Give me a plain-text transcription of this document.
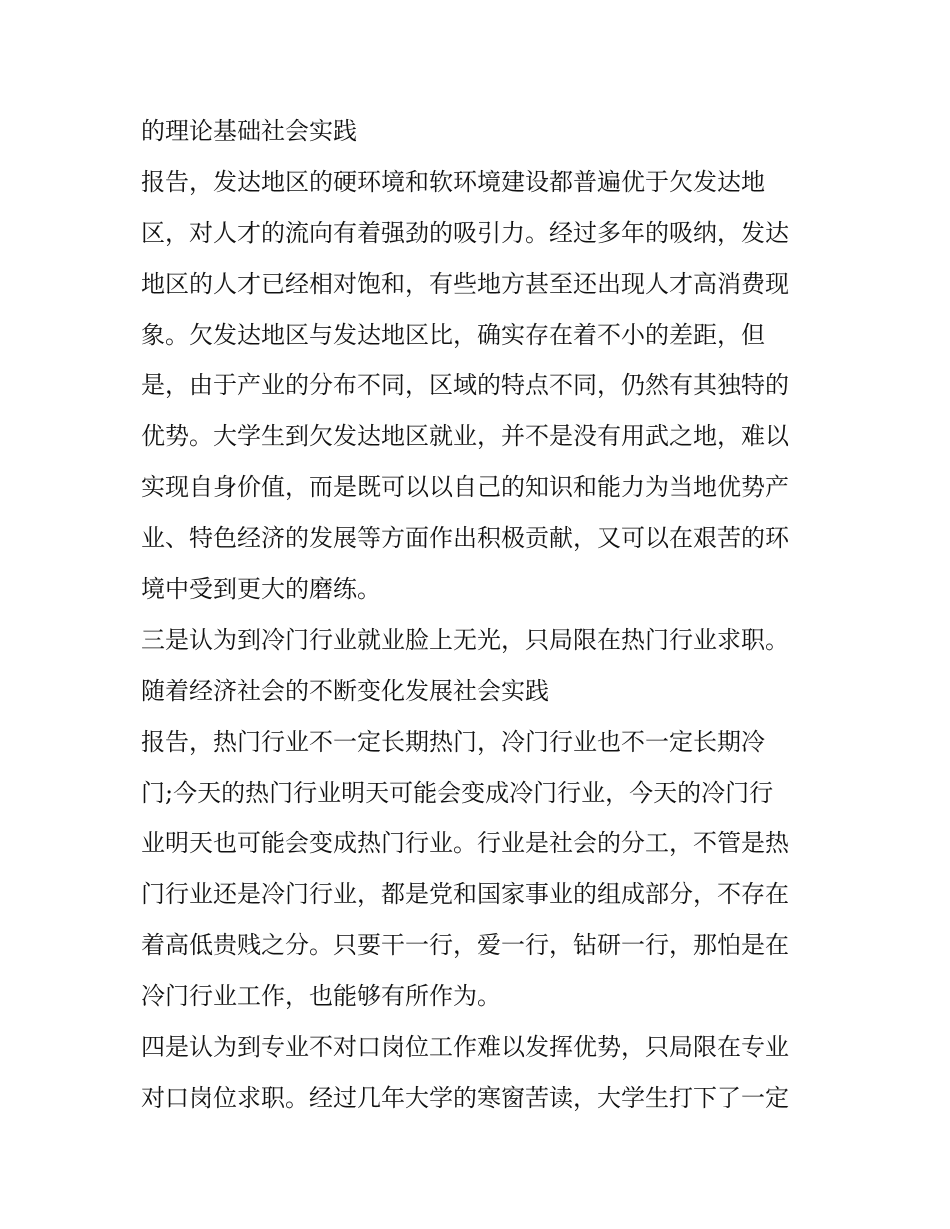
的理论基础社会实践
报告，发达地区的硬环境和软环境建设都普遍优于欠发达地
区，对人才的流向有着强劲的吸引力。经过多年的吸纳，发达
地区的人才已经相对饱和，有些地方甚至还出现人才高消费现
象。欠发达地区与发达地区比，确实存在着不小的差距，但
是，由于产业的分布不同，区域的特点不同，仍然有其独特的
优势。大学生到欠发达地区就业，并不是没有用武之地，难以
实现自身价值，而是既可以以自己的知识和能力为当地优势产
业、特色经济的发展等方面作出积极贡献，又可以在艰苦的环
境中受到更大的磨练。
三是认为到冷门行业就业脸上无光，只局限在热门行业求职。
随着经济社会的不断变化发展社会实践
报告，热门行业不一定长期热门，冷门行业也不一定长期冷
门;今天的热门行业明天可能会变成冷门行业，今天的冷门行
业明天也可能会变成热门行业。行业是社会的分工，不管是热
门行业还是冷门行业，都是党和国家事业的组成部分，不存在
着高低贵贱之分。只要干一行，爱一行，钻研一行，那怕是在
冷门行业工作，也能够有所作为。
四是认为到专业不对口岗位工作难以发挥优势，只局限在专业
对口岗位求职。经过几年大学的寒窗苦读，大学生打下了一定
